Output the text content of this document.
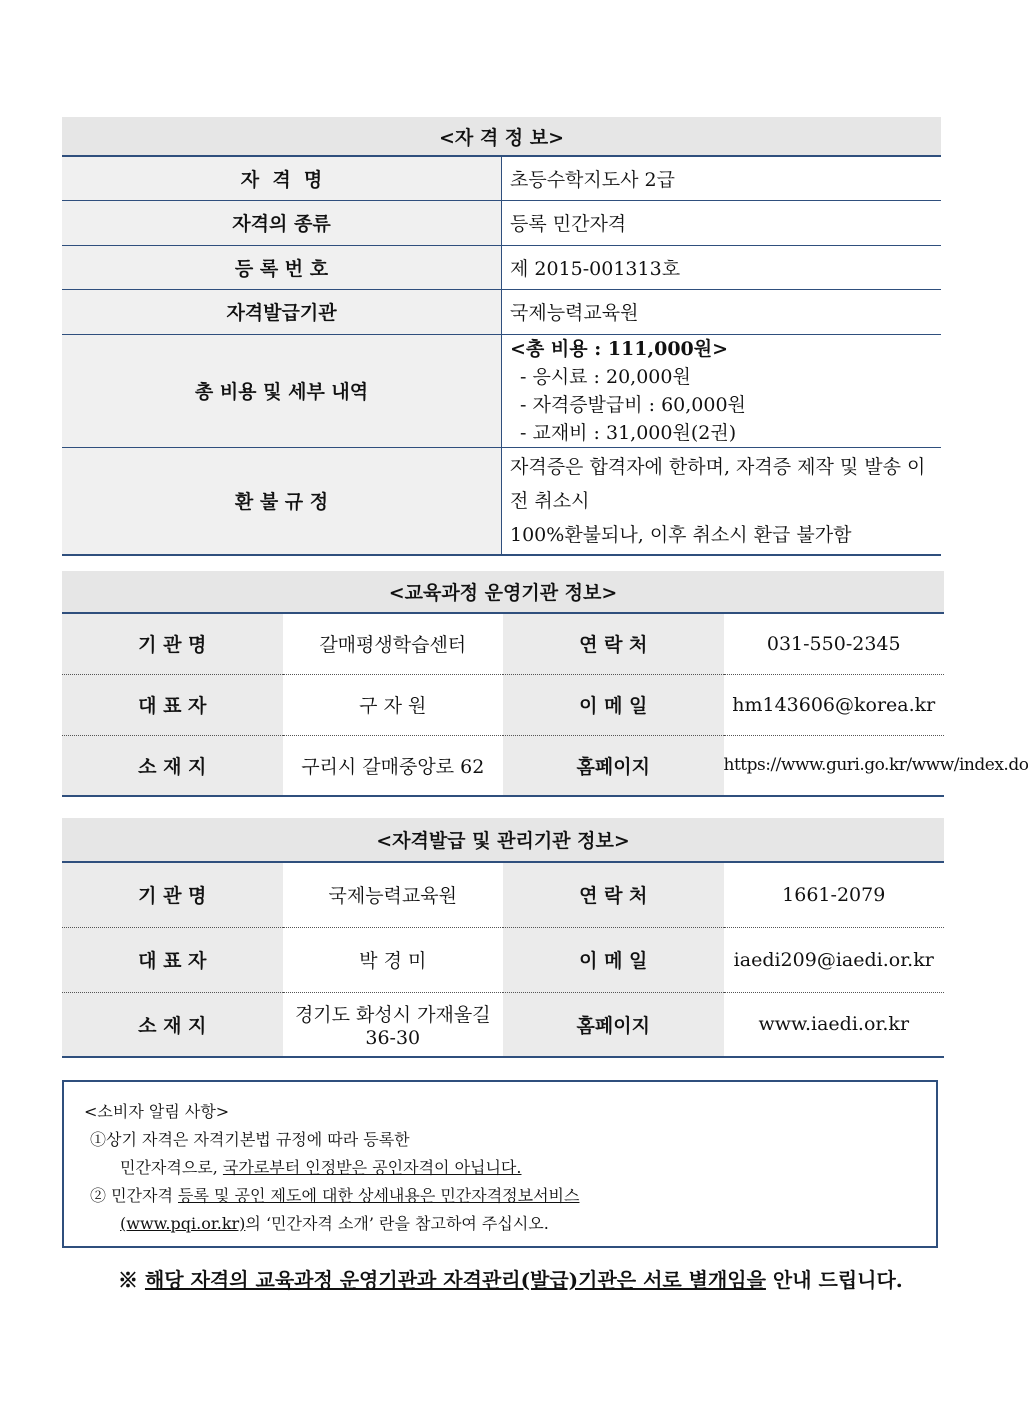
<자 격 정 보>	
자  격  명	초등수학지도사 2급
자격의 종류	등록 민간자격
등 록 번 호	제 2015-001313호
자격발급기관	국제능력교육원
총 비용 및 세부 내역	<총 비용 : 111,000원>
- 응시료 : 20,000원
- 자격증발급비 : 60,000원
- 교재비 : 31,000원(2권)

환 불 규 정	자격증은 합격자에 한하며, 자격증 제작 및 발송 이전 취소시
100%환불되나, 이후 취소시 환급 불가함
<교육과정 운영기관 정보>			
기 관 명	갈매평생학습센터	연 락 처	031-550-2345
대 표 자	구 자 원	이 메 일	hm143606@korea.kr
소 재 지	구리시 갈매중앙로 62	홈페이지	https://www.guri.go.kr/www/index.do
<자격발급 및 관리기관 정보>			
기 관 명	국제능력교육원	연 락 처	1661-2079
대 표 자	박 경 미	이 메 일	iaedi209@iaedi.or.kr
소 재 지	경기도 화성시 가재울길 36-30	홈페이지	www.iaedi.or.kr
<소비자 알림 사항>
①상기 자격은 자격기본법 규정에 따라 등록한
민간자격으로, 국가로부터 인정받은 공인자격이 아닙니다.
② 민간자격 등록 및 공인 제도에 대한 상세내용은 민간자격정보서비스
(www.pqi.or.kr)의 ‘민간자격 소개’ 란을 참고하여 주십시오.
※ 해당 자격의 교육과정 운영기관과 자격관리(발급)기관은 서로 별개임을 안내 드립니다.
